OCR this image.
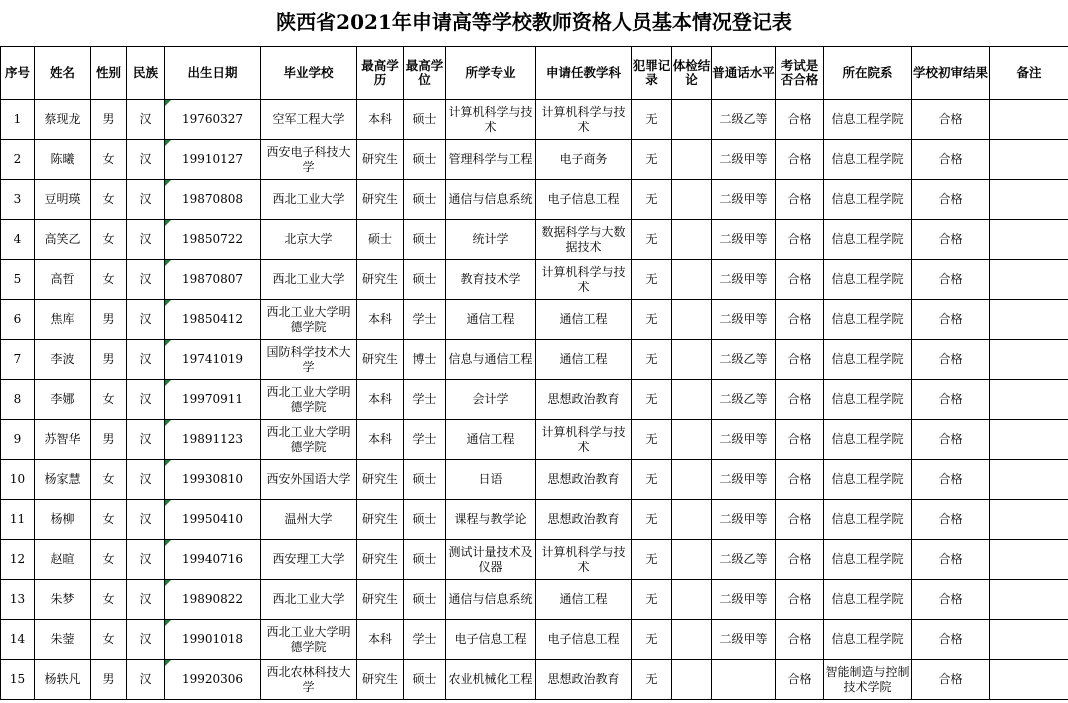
陕西省2021年申请高等学校教师资格人员基本情况登记表
序号	姓名	性别	民族	出生日期	毕业学校	最高学历	最高学位	所学专业	申请任教学科	犯罪记录	体检结论	普通话水平	考试是否合格	所在院系	学校初审结果	备注
1	蔡现龙	男	汉	19760327	空军工程大学	本科	硕士	计算机科学与技术	计算机科学与技术	无		二级乙等	合格	信息工程学院	合格	
2	陈曦	女	汉	19910127	西安电子科技大学	研究生	硕士	管理科学与工程	电子商务	无		二级甲等	合格	信息工程学院	合格	
3	豆明瑛	女	汉	19870808	西北工业大学	研究生	硕士	通信与信息系统	电子信息工程	无		二级甲等	合格	信息工程学院	合格	
4	高笑乙	女	汉	19850722	北京大学	硕士	硕士	统计学	数据科学与大数据技术	无		二级甲等	合格	信息工程学院	合格	
5	高哲	女	汉	19870807	西北工业大学	研究生	硕士	教育技术学	计算机科学与技术	无		二级甲等	合格	信息工程学院	合格	
6	焦库	男	汉	19850412	西北工业大学明德学院	本科	学士	通信工程	通信工程	无		二级甲等	合格	信息工程学院	合格	
7	李波	男	汉	19741019	国防科学技术大学	研究生	博士	信息与通信工程	通信工程	无		二级乙等	合格	信息工程学院	合格	
8	李娜	女	汉	19970911	西北工业大学明德学院	本科	学士	会计学	思想政治教育	无		二级乙等	合格	信息工程学院	合格	
9	苏智华	男	汉	19891123	西北工业大学明德学院	本科	学士	通信工程	计算机科学与技术	无		二级甲等	合格	信息工程学院	合格	
10	杨家慧	女	汉	19930810	西安外国语大学	研究生	硕士	日语	思想政治教育	无		二级甲等	合格	信息工程学院	合格	
11	杨柳	女	汉	19950410	温州大学	研究生	硕士	课程与教学论	思想政治教育	无		二级甲等	合格	信息工程学院	合格	
12	赵暄	女	汉	19940716	西安理工大学	研究生	硕士	测试计量技术及仪器	计算机科学与技术	无		二级乙等	合格	信息工程学院	合格	
13	朱梦	女	汉	19890822	西北工业大学	研究生	硕士	通信与信息系统	通信工程	无		二级甲等	合格	信息工程学院	合格	
14	朱蓥	女	汉	19901018	西北工业大学明德学院	本科	学士	电子信息工程	电子信息工程	无		二级甲等	合格	信息工程学院	合格	
15	杨轶凡	男	汉	19920306	西北农林科技大学	研究生	硕士	农业机械化工程	思想政治教育	无			合格	智能制造与控制技术学院	合格	
